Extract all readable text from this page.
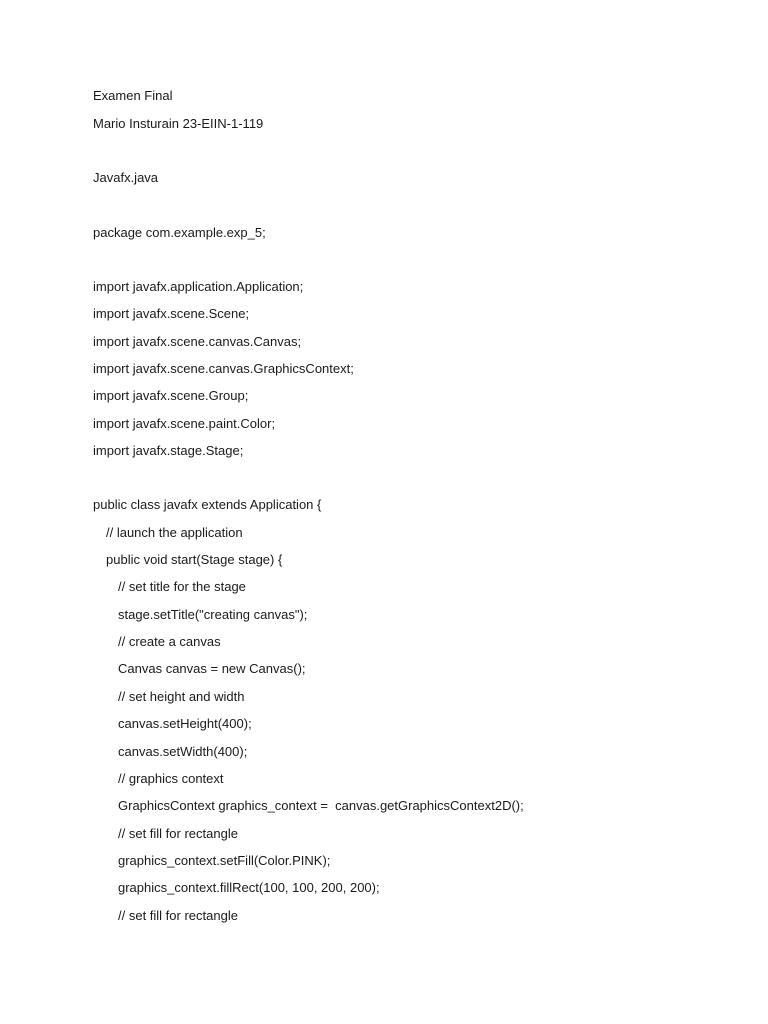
Examen Final
Mario Insturain 23-EIIN-1-119
Javafx.java
package com.example.exp_5;
import javafx.application.Application;
import javafx.scene.Scene;
import javafx.scene.canvas.Canvas;
import javafx.scene.canvas.GraphicsContext;
import javafx.scene.Group;
import javafx.scene.paint.Color;
import javafx.stage.Stage;
public class javafx extends Application {
// launch the application
public void start(Stage stage) {
// set title for the stage
stage.setTitle("creating canvas");
// create a canvas
Canvas canvas = new Canvas();
// set height and width
canvas.setHeight(400);
canvas.setWidth(400);
// graphics context
GraphicsContext graphics_context =  canvas.getGraphicsContext2D();
// set fill for rectangle
graphics_context.setFill(Color.PINK);
graphics_context.fillRect(100, 100, 200, 200);
// set fill for rectangle
